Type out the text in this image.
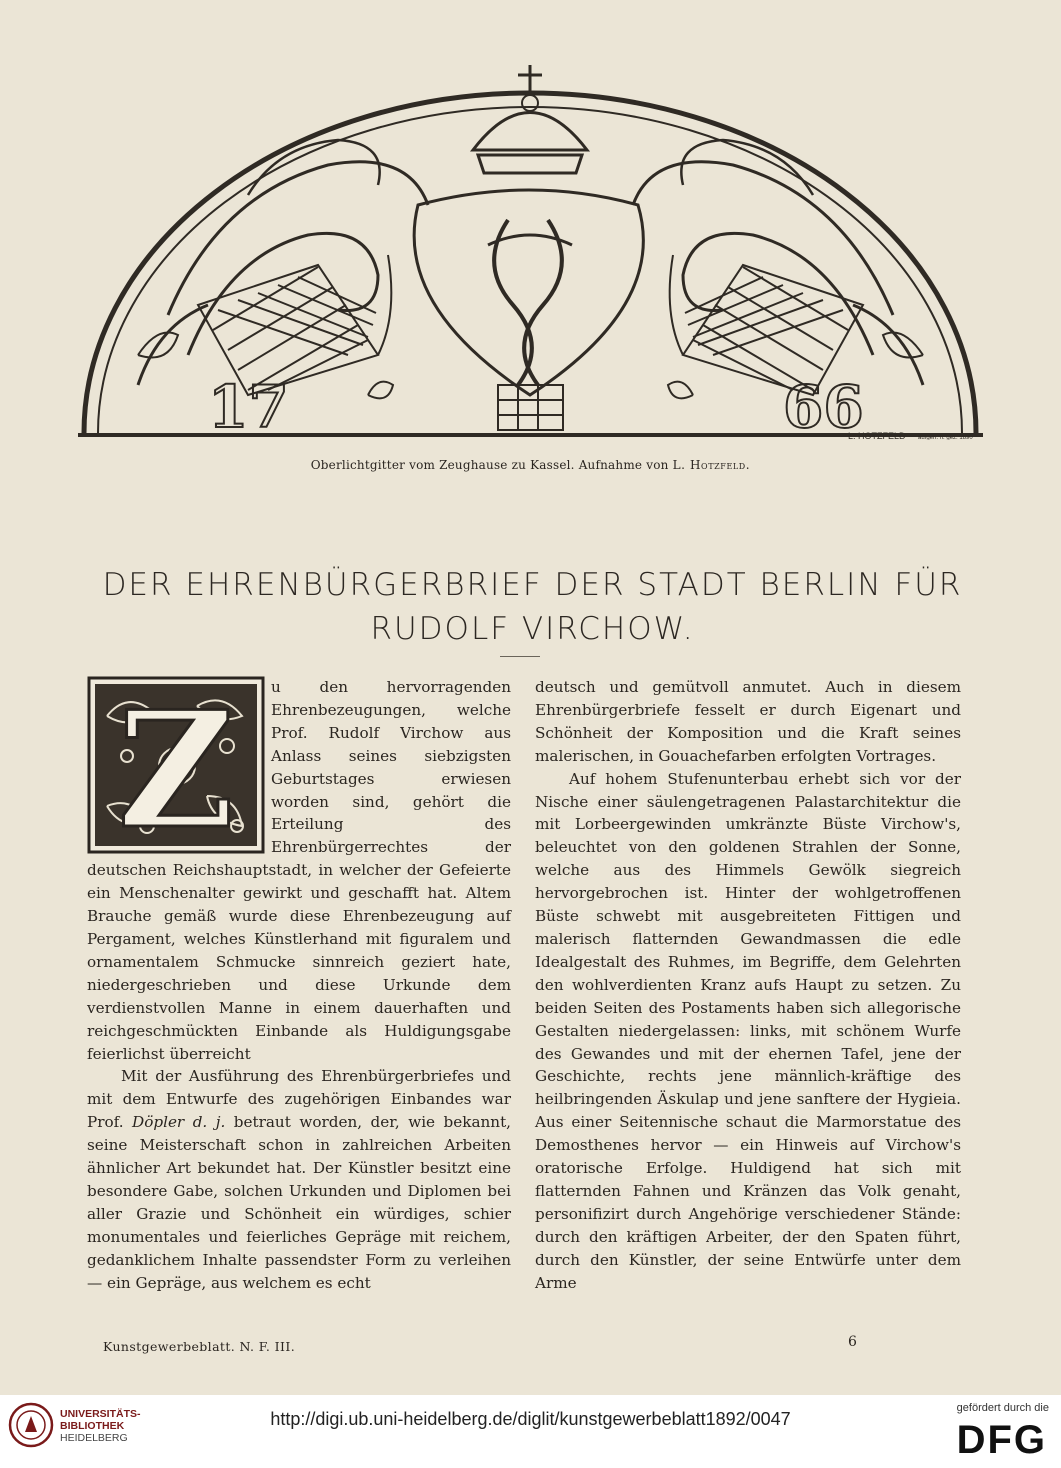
17	66
L. HOTZFELD aufgen. n. gez. 1890
Oberlichtgitter vom Zeughause zu Kassel. Aufnahme von L. Hotzfeld.
DER EHRENBÜRGERBRIEF DER STADT BERLIN FÜR
RUDOLF VIRCHOW.
Z	u den hervorragenden Ehrenbezeugungen, welche Prof. Rudolf Virchow aus Anlass seines siebzigsten Geburtstages erwiesen worden sind, gehört die Erteilung des Ehrenbürgerrechtes der deutschen Reichshauptstadt, in welcher der Gefeierte ein Menschenalter gewirkt und geschafft hat. Altem Brauche gemäß wurde diese Ehrenbezeugung auf Pergament, welches Künstlerhand mit figuralem und ornamentalem Schmucke sinnreich geziert hate, niedergeschrieben und diese Urkunde dem verdienstvollen Manne in einem dauerhaften und reichgeschmückten Einbande als Huldigungsgabe feierlichst überreicht

Mit der Ausführung des Ehrenbürgerbriefes und mit dem Entwurfe des zugehörigen Einbandes war Prof. Döpler d. j. betraut worden, der, wie bekannt, seine Meisterschaft schon in zahlreichen Arbeiten ähnlicher Art bekundet hat. Der Künstler besitzt eine besondere Gabe, solchen Urkunden und Diplomen bei aller Grazie und Schönheit ein würdiges, schier monumentales und feierliches Gepräge mit reichem, gedanklichem Inhalte passendster Form zu verleihen — ein Gepräge, aus welchem es echt

deutsch und gemütvoll anmutet. Auch in diesem Ehrenbürgerbriefe fesselt er durch Eigenart und Schönheit der Komposition und die Kraft seines malerischen, in Gouachefarben erfolgten Vortrages.

Auf hohem Stufenunterbau erhebt sich vor der Nische einer säulengetragenen Palastarchitektur die mit Lorbeergewinden umkränzte Büste Virchow's, beleuchtet von den goldenen Strahlen der Sonne, welche aus des Himmels Gewölk siegreich hervorgebrochen ist. Hinter der wohlgetroffenen Büste schwebt mit ausgebreiteten Fittigen und malerisch flatternden Gewandmassen die edle Idealgestalt des Ruhmes, im Begriffe, dem Gelehrten den wohlverdienten Kranz aufs Haupt zu setzen. Zu beiden Seiten des Postaments haben sich allegorische Gestalten niedergelassen: links, mit schönem Wurfe des Gewandes und mit der ehernen Tafel, jene der Geschichte, rechts jene männlich-kräftige des heilbringenden Äskulap und jene sanftere der Hygieia. Aus einer Seitennische schaut die Marmorstatue des Demosthenes hervor — ein Hinweis auf Virchow's oratorische Erfolge. Huldigend hat sich mit flatternden Fahnen und Kränzen das Volk genaht, personifizirt durch Angehörige verschiedener Stände: durch den kräftigen Arbeiter, der den Spaten führt, durch den Künstler, der seine Entwürfe unter dem Arme

Kunstgewerbeblatt. N. F. III.	6
UNIVERSITÄTS-
BIBLIOTHEK
HEIDELBERG
http://digi.ub.uni-heidelberg.de/diglit/kunstgewerbeblatt1892/0047
gefördert durch die
DFG
